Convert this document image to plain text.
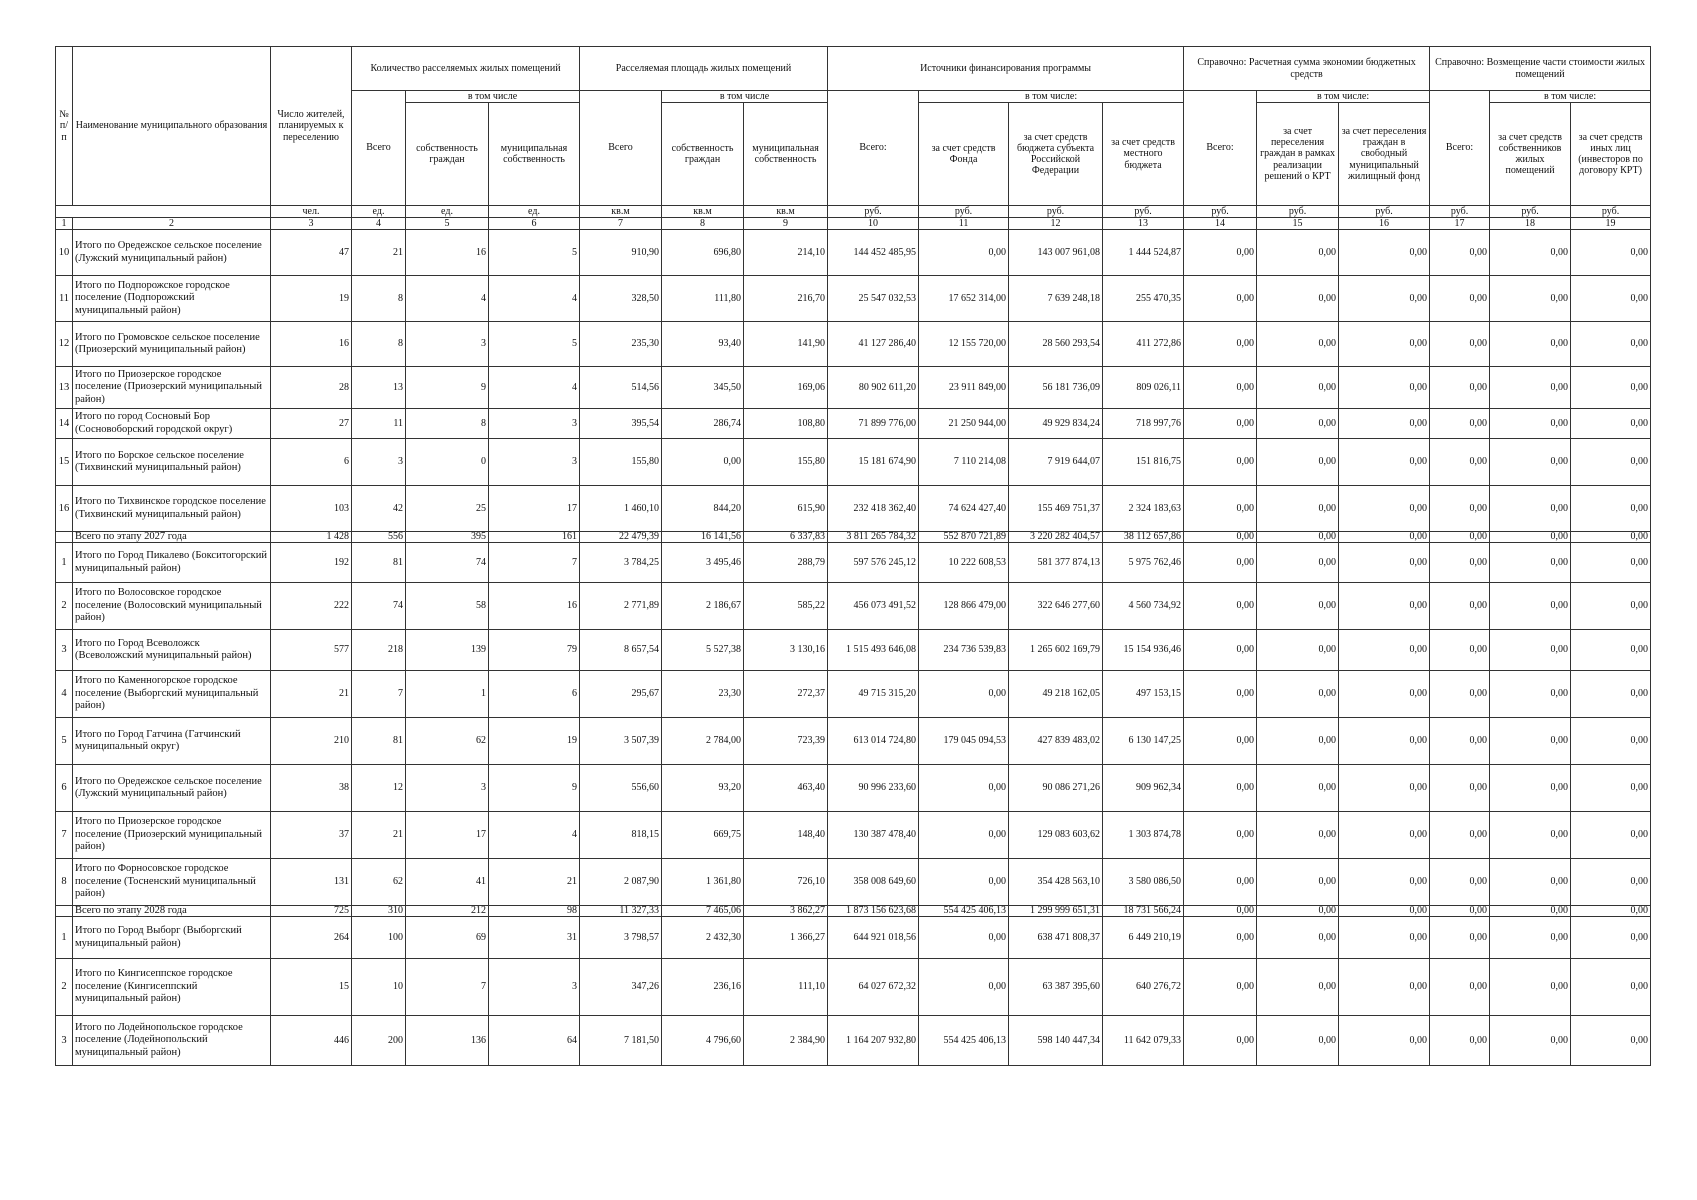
№ п/п	Наименование муниципального образования	Число жителей, планируемых к переселению	Количество расселяемых жилых помещений			Расселяемая площадь жилых помещений			Источники финансирования программы				Справочно: Расчетная сумма экономии бюджетных средств			Справочно: Возмещение части стоимости жилых помещений		
			Всего	в том числе		Всего	в том числе		Всего:	в том числе:			Всего:	в том числе:		Всего:	в том числе:	
				собственность граждан	муниципальная собственность		собственность граждан	муниципальная собственность		за счет средств Фонда	за счет средств бюджета субъекта Российской Федерации	за счет средств местного бюджета		за счет переселения граждан в рамках реализации решений о КРТ	за счет переселения граждан в свободный муниципальный жилищный фонд		за счет средств собственников жилых помещений	за счет средств иных лиц (инвесторов по договору КРТ)
		чел.	ед.	ед.	ед.	кв.м	кв.м	кв.м	руб.	руб.	руб.	руб.	руб.	руб.	руб.	руб.	руб.	руб.
1	2	3	4	5	6	7	8	9	10	11	12	13	14	15	16	17	18	19
10	Итого по Оредежское сельское поселение (Лужский муниципальный район)	47	21	16	5	910,90	696,80	214,10	144 452 485,95	0,00	143 007 961,08	1 444 524,87	0,00	0,00	0,00	0,00	0,00	0,00
11	Итого по Подпорожское городское поселение (Подпорожский муниципальный район)	19	8	4	4	328,50	111,80	216,70	25 547 032,53	17 652 314,00	7 639 248,18	255 470,35	0,00	0,00	0,00	0,00	0,00	0,00
12	Итого по Громовское сельское поселение (Приозерский муниципальный район)	16	8	3	5	235,30	93,40	141,90	41 127 286,40	12 155 720,00	28 560 293,54	411 272,86	0,00	0,00	0,00	0,00	0,00	0,00
13	Итого по Приозерское городское поселение (Приозерский муниципальный район)	28	13	9	4	514,56	345,50	169,06	80 902 611,20	23 911 849,00	56 181 736,09	809 026,11	0,00	0,00	0,00	0,00	0,00	0,00
14	Итого по город Сосновый Бор (Сосновоборский городской округ)	27	11	8	3	395,54	286,74	108,80	71 899 776,00	21 250 944,00	49 929 834,24	718 997,76	0,00	0,00	0,00	0,00	0,00	0,00
15	Итого по Борское сельское поселение (Тихвинский муниципальный район)	6	3	0	3	155,80	0,00	155,80	15 181 674,90	7 110 214,08	7 919 644,07	151 816,75	0,00	0,00	0,00	0,00	0,00	0,00
16	Итого по Тихвинское городское поселение (Тихвинский муниципальный район)	103	42	25	17	1 460,10	844,20	615,90	232 418 362,40	74 624 427,40	155 469 751,37	2 324 183,63	0,00	0,00	0,00	0,00	0,00	0,00
	Всего по этапу 2027 года	1 428	556	395	161	22 479,39	16 141,56	6 337,83	3 811 265 784,32	552 870 721,89	3 220 282 404,57	38 112 657,86	0,00	0,00	0,00	0,00	0,00	0,00
1	Итого по Город Пикалево (Бокситогорский муниципальный район)	192	81	74	7	3 784,25	3 495,46	288,79	597 576 245,12	10 222 608,53	581 377 874,13	5 975 762,46	0,00	0,00	0,00	0,00	0,00	0,00
2	Итого по Волосовское городское поселение (Волосовский муниципальный район)	222	74	58	16	2 771,89	2 186,67	585,22	456 073 491,52	128 866 479,00	322 646 277,60	4 560 734,92	0,00	0,00	0,00	0,00	0,00	0,00
3	Итого по Город Всеволожск (Всеволожский муниципальный район)	577	218	139	79	8 657,54	5 527,38	3 130,16	1 515 493 646,08	234 736 539,83	1 265 602 169,79	15 154 936,46	0,00	0,00	0,00	0,00	0,00	0,00
4	Итого по Каменногорское городское поселение (Выборгский муниципальный район)	21	7	1	6	295,67	23,30	272,37	49 715 315,20	0,00	49 218 162,05	497 153,15	0,00	0,00	0,00	0,00	0,00	0,00
5	Итого по Город Гатчина (Гатчинский муниципальный округ)	210	81	62	19	3 507,39	2 784,00	723,39	613 014 724,80	179 045 094,53	427 839 483,02	6 130 147,25	0,00	0,00	0,00	0,00	0,00	0,00
6	Итого по Оредежское сельское поселение (Лужский муниципальный район)	38	12	3	9	556,60	93,20	463,40	90 996 233,60	0,00	90 086 271,26	909 962,34	0,00	0,00	0,00	0,00	0,00	0,00
7	Итого по Приозерское городское поселение (Приозерский муниципальный район)	37	21	17	4	818,15	669,75	148,40	130 387 478,40	0,00	129 083 603,62	1 303 874,78	0,00	0,00	0,00	0,00	0,00	0,00
8	Итого по Форносовское городское поселение (Тосненский муниципальный район)	131	62	41	21	2 087,90	1 361,80	726,10	358 008 649,60	0,00	354 428 563,10	3 580 086,50	0,00	0,00	0,00	0,00	0,00	0,00
	Всего по этапу 2028 года	725	310	212	98	11 327,33	7 465,06	3 862,27	1 873 156 623,68	554 425 406,13	1 299 999 651,31	18 731 566,24	0,00	0,00	0,00	0,00	0,00	0,00
1	Итого по Город Выборг (Выборгский муниципальный район)	264	100	69	31	3 798,57	2 432,30	1 366,27	644 921 018,56	0,00	638 471 808,37	6 449 210,19	0,00	0,00	0,00	0,00	0,00	0,00
2	Итого по Кингисеппское городское поселение (Кингисеппский муниципальный район)	15	10	7	3	347,26	236,16	111,10	64 027 672,32	0,00	63 387 395,60	640 276,72	0,00	0,00	0,00	0,00	0,00	0,00
3	Итого по Лодейнопольское городское поселение (Лодейнопольский муниципальный район)	446	200	136	64	7 181,50	4 796,60	2 384,90	1 164 207 932,80	554 425 406,13	598 140 447,34	11 642 079,33	0,00	0,00	0,00	0,00	0,00	0,00
